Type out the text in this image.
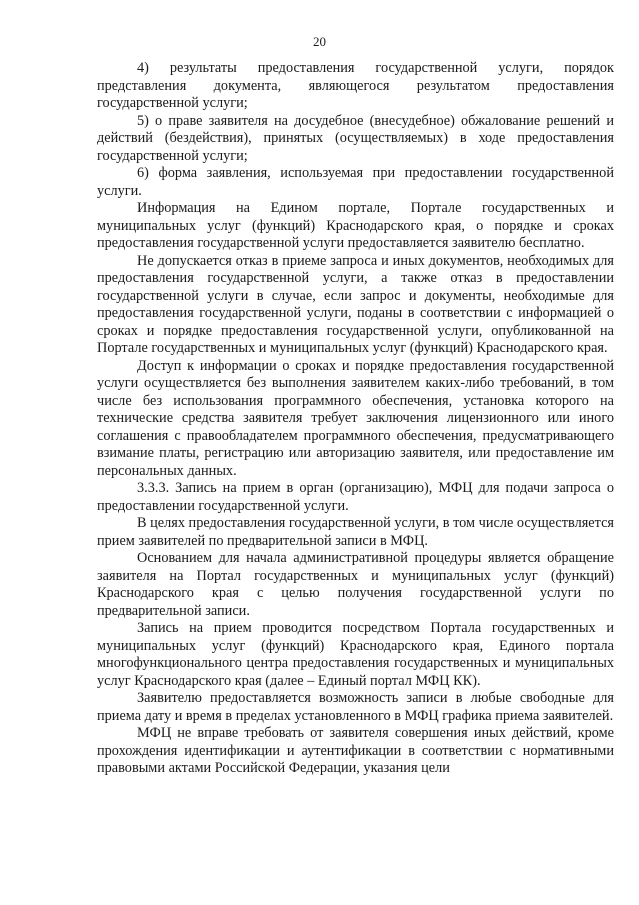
20

4) результаты предоставления государственной услуги, порядок представления документа, являющегося результатом предоставления государственной услуги;

5) о праве заявителя на досудебное (внесудебное) обжалование решений и действий (бездействия), принятых (осуществляемых) в ходе предоставления государственной услуги;

6) форма заявления, используемая при предоставлении государственной услуги.

Информация на Едином портале, Портале государственных и муниципальных услуг (функций) Краснодарского края, о порядке и сроках предоставления государственной услуги предоставляется заявителю бесплатно.

Не допускается отказ в приеме запроса и иных документов, необходимых для предоставления государственной услуги, а также отказ в предоставлении государственной услуги в случае, если запрос и документы, необходимые для предоставления государственной услуги, поданы в соответствии с информацией о сроках и порядке предоставления государственной услуги, опубликованной на Портале государственных и муниципальных услуг (функций) Краснодарского края.

Доступ к информации о сроках и порядке предоставления государственной услуги осуществляется без выполнения заявителем каких-либо требований, в том числе без использования программного обеспечения, установка которого на технические средства заявителя требует заключения лицензионного или иного соглашения с правообладателем программного обеспечения, предусматривающего взимание платы, регистрацию или авторизацию заявителя, или предоставление им персональных данных.

3.3.3. Запись на прием в орган (организацию), МФЦ для подачи запроса о предоставлении государственной услуги.

В целях предоставления государственной услуги, в том числе осуществляется прием заявителей по предварительной записи в МФЦ.

Основанием для начала административной процедуры является обращение заявителя на Портал государственных и муниципальных услуг (функций) Краснодарского края с целью получения государственной услуги по предварительной записи.

Запись на прием проводится посредством Портала государственных и муниципальных услуг (функций) Краснодарского края, Единого портала многофункционального центра предоставления государственных и муниципальных услуг Краснодарского края (далее – Единый портал МФЦ КК).

Заявителю предоставляется возможность записи в любые свободные для приема дату и время в пределах установленного в МФЦ графика приема заявителей.

МФЦ не вправе требовать от заявителя совершения иных действий, кроме прохождения идентификации и аутентификации в соответствии с нормативными правовыми актами Российской Федерации, указания цели
